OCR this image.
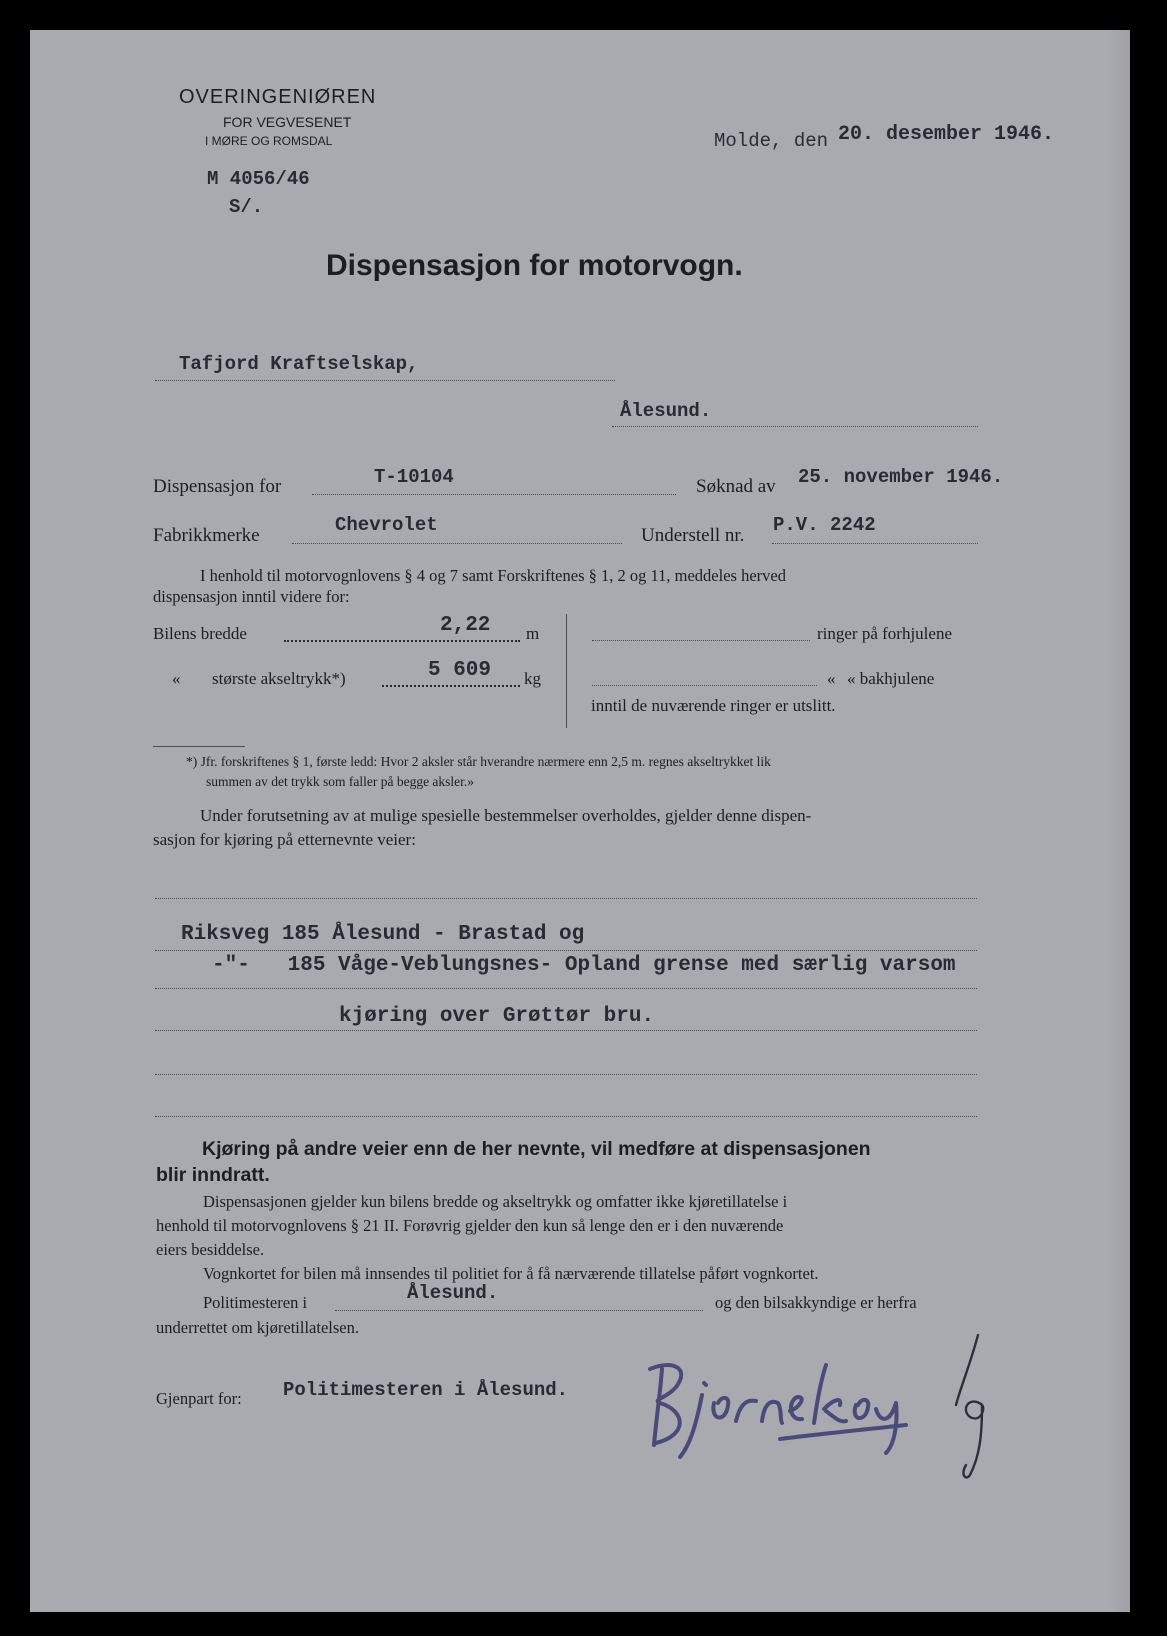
OVERINGENIØREN
FOR VEGVESENET
I MØRE OG ROMSDAL
M 4056/46
S/.
Molde, den 20. desember 1946.
Dispensasjon for motorvogn.
Tafjord Kraftselskap,
Ålesund.
Dispensasjon for	T-10104	Søknad av 25. november 1946.
Fabrikkmerke	Chevrolet	Understell nr. P.V. 2242
I henhold til motorvognlovens § 4 og 7 samt Forskriftenes § 1, 2 og 11, meddeles herved
dispensasjon inntil videre for:
Bilens bredde	2,22 m
« største akseltrykk*)	5 609 kg
ringer på forhjulene
« « bakhjulene
inntil de nuværende ringer er utslitt.
*) Jfr. forskriftenes § 1, første ledd: Hvor 2 aksler står hverandre nærmere enn 2,5 m. regnes akseltrykket lik
summen av det trykk som faller på begge aksler.»
Under forutsetning av at mulige spesielle bestemmelser overholdes, gjelder denne dispen-
sasjon for kjøring på etternevnte veier:
Riksveg 185 Ålesund - Brastad og
-"-   185 Våge-Veblungsnes- Opland grense med særlig varsom
kjøring over Grøttør bru.
Kjøring på andre veier enn de her nevnte, vil medføre at dispensasjonen
blir inndratt.
Dispensasjonen gjelder kun bilens bredde og akseltrykk og omfatter ikke kjøretillatelse i
henhold til motorvognlovens § 21 II. Forøvrig gjelder den kun så lenge den er i den nuværende
eiers besiddelse.
Vognkortet for bilen må innsendes til politiet for å få nærværende tillatelse påført vognkortet.
Politimesteren i	Ålesund.	og den bilsakkyndige er herfra
underrettet om kjøretillatelsen.
Gjenpart for: Politimesteren i Ålesund.
